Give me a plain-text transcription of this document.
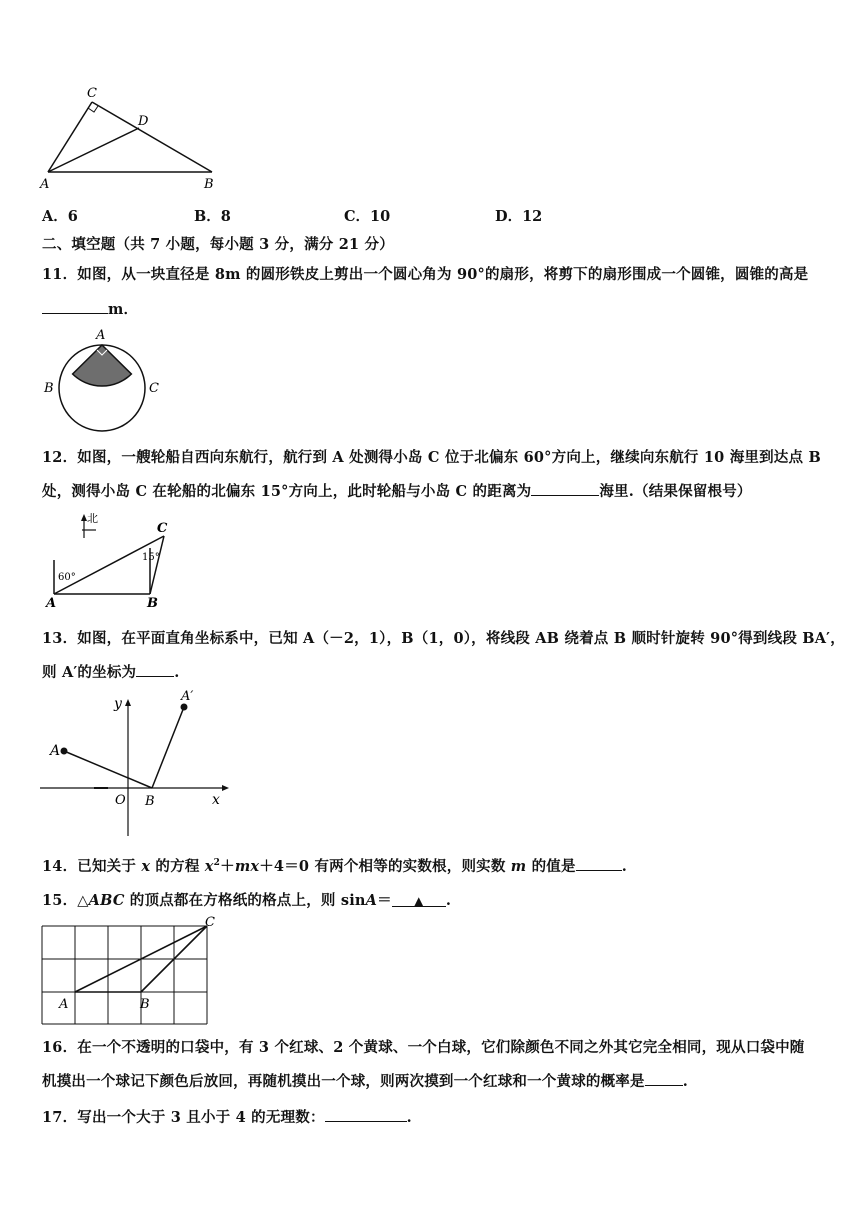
C
D
A	B
A．6	B．8	C．10	D．12
二、填空题（共 7 小题，每小题 3 分，满分 21 分）
11．如图，从一块直径是 8m 的圆形铁皮上剪出一个圆心角为 90°的扇形，将剪下的扇形围成一个圆锥，圆锥的高是
m．
A
B	C
12．如图，一艘轮船自西向东航行，航行到 A 处测得小岛 C 位于北偏东 60°方向上，继续向东航行 10 海里到达点 B
处，测得小岛 C 在轮船的北偏东 15°方向上，此时轮船与小岛 C 的距离为	海里.（结果保留根号）
北
C
A	B
60°
15°
13．如图，在平面直角坐标系中，已知 A（－2，1），B（1，0），将线段 AB 绕着点 B 顺时针旋转 90°得到线段 BA′，
则 A′的坐标为	.
y
x
O
A
B
A′
14．已知关于 x 的方程 $x^2+mx+4=0$ 有两个相等的实数根，则实数 m 的值是	.
15．△ABC 的顶点都在方格纸的格点上，则 sinA＝ ▲ .
A	B
C
16．在一个不透明的口袋中，有 3 个红球、2 个黄球、一个白球，它们除颜色不同之外其它完全相同，现从口袋中随
机摸出一个球记下颜色后放回，再随机摸出一个球，则两次摸到一个红球和一个黄球的概率是	.
17．写出一个大于 3 且小于 4 的无理数：	.
